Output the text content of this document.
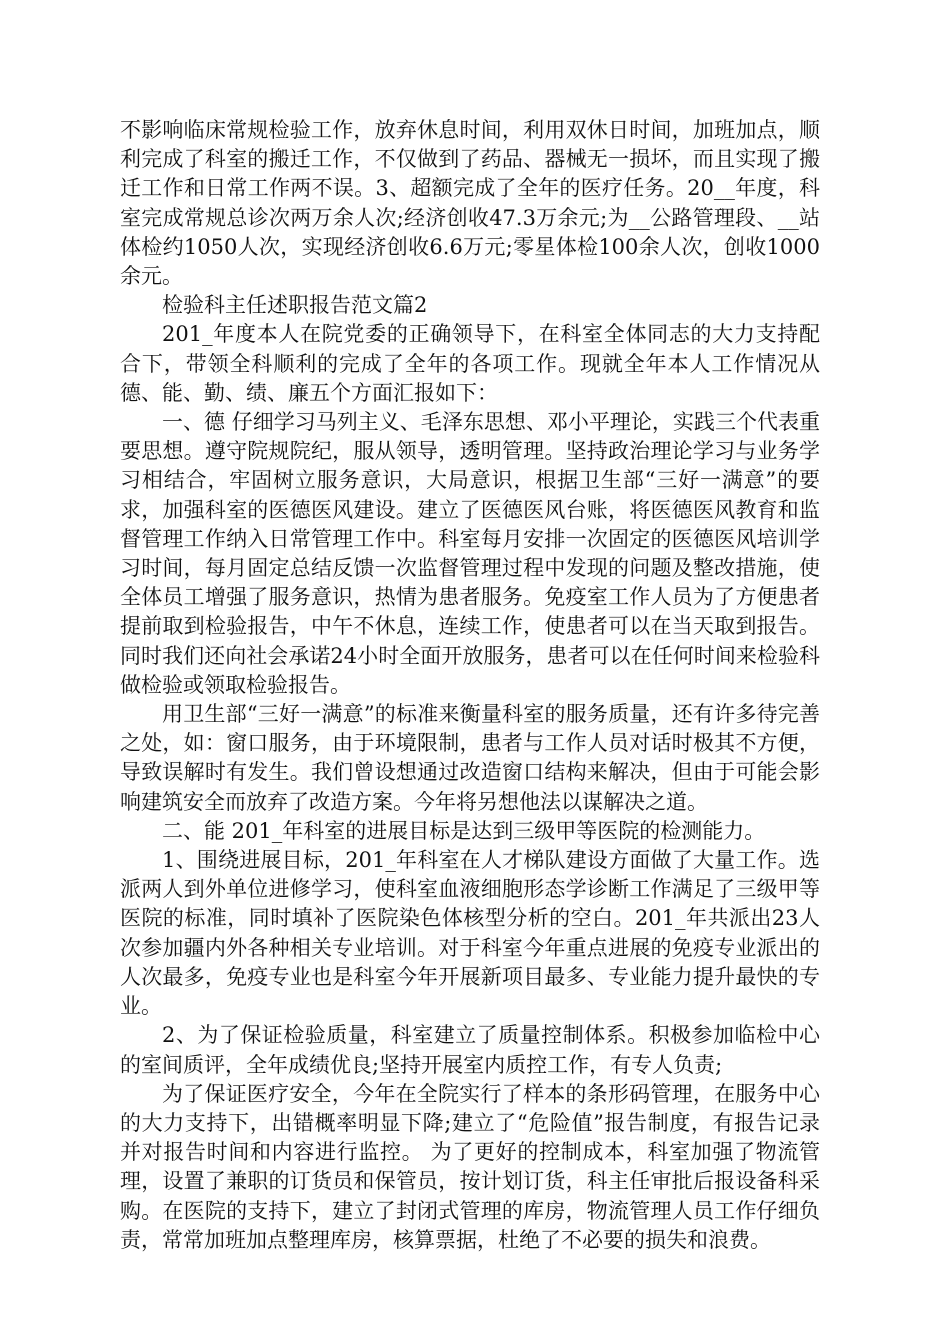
不影响临床常规检验工作，放弃休息时间，利用双休日时间，加班加点，顺利完成了科室的搬迁工作，不仅做到了药品、器械无一损坏，而且实现了搬迁工作和日常工作两不误。3、超额完成了全年的医疗任务。20__年度，科室完成常规总诊次两万余人次;经济创收47.3万余元;为__公路管理段、__站体检约1050人次，实现经济创收6.6万元;零星体检100余人次，创收1000余元。

检验科主任述职报告范文篇2

201_年度本人在院党委的正确领导下，在科室全体同志的大力支持配合下，带领全科顺利的完成了全年的各项工作。现就全年本人工作情况从德、能、勤、绩、廉五个方面汇报如下：

一、德 仔细学习马列主义、毛泽东思想、邓小平理论，实践三个代表重要思想。遵守院规院纪，服从领导，透明管理。坚持政治理论学习与业务学习相结合，牢固树立服务意识，大局意识，根据卫生部“三好一满意”的要求，加强科室的医德医风建设。建立了医德医风台账，将医德医风教育和监督管理工作纳入日常管理工作中。科室每月安排一次固定的医德医风培训学习时间，每月固定总结反馈一次监督管理过程中发现的问题及整改措施，使全体员工增强了服务意识，热情为患者服务。免疫室工作人员为了方便患者提前取到检验报告，中午不休息，连续工作，使患者可以在当天取到报告。同时我们还向社会承诺24小时全面开放服务，患者可以在任何时间来检验科做检验或领取检验报告。

用卫生部“三好一满意”的标准来衡量科室的服务质量，还有许多待完善之处，如：窗口服务，由于环境限制，患者与工作人员对话时极其不方便，导致误解时有发生。我们曾设想通过改造窗口结构来解决，但由于可能会影响建筑安全而放弃了改造方案。今年将另想他法以谋解决之道。

二、能 201_年科室的进展目标是达到三级甲等医院的检测能力。

1、围绕进展目标，201_年科室在人才梯队建设方面做了大量工作。选派两人到外单位进修学习，使科室血液细胞形态学诊断工作满足了三级甲等医院的标准，同时填补了医院染色体核型分析的空白。201_年共派出23人次参加疆内外各种相关专业培训。对于科室今年重点进展的免疫专业派出的人次最多，免疫专业也是科室今年开展新项目最多、专业能力提升最快的专业。

2、为了保证检验质量，科室建立了质量控制体系。积极参加临检中心的室间质评，全年成绩优良;坚持开展室内质控工作，有专人负责;

为了保证医疗安全，今年在全院实行了样本的条形码管理，在服务中心的大力支持下，出错概率明显下降;建立了“危险值”报告制度，有报告记录并对报告时间和内容进行监控。 为了更好的控制成本，科室加强了物流管理，设置了兼职的订货员和保管员，按计划订货，科主任审批后报设备科采购。在医院的支持下，建立了封闭式管理的库房，物流管理人员工作仔细负责，常常加班加点整理库房，核算票据，杜绝了不必要的损失和浪费。
